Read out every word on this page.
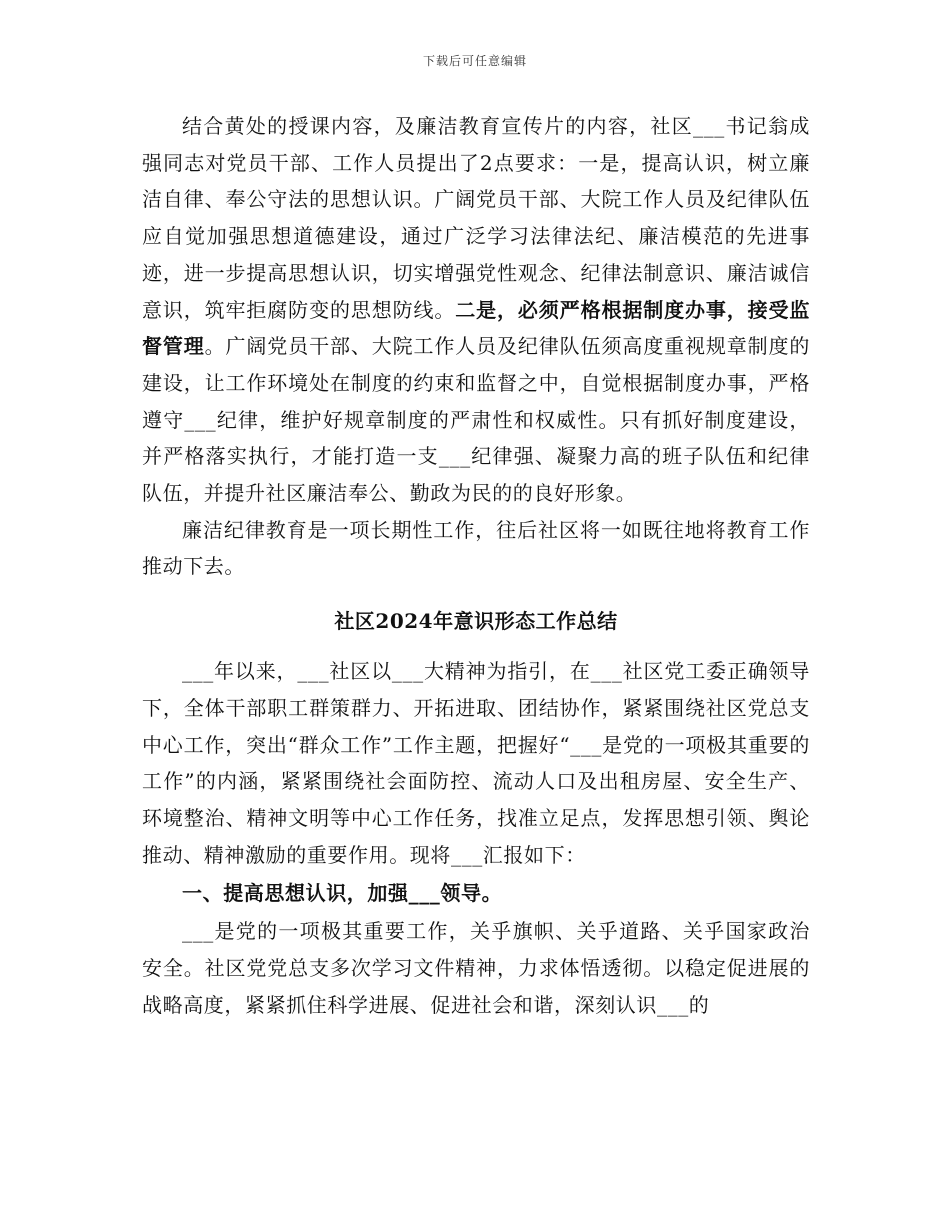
下载后可任意编辑

结合黄处的授课内容，及廉洁教育宣传片的内容，社区___书记翁成强同志对党员干部、工作人员提出了2点要求：一是，提高认识，树立廉洁自律、奉公守法的思想认识。广阔党员干部、大院工作人员及纪律队伍应自觉加强思想道德建设，通过广泛学习法律法纪、廉洁模范的先进事迹，进一步提高思想认识，切实增强党性观念、纪律法制意识、廉洁诚信意识，筑牢拒腐防变的思想防线。二是，必须严格根据制度办事，接受监督管理。广阔党员干部、大院工作人员及纪律队伍须高度重视规章制度的建设，让工作环境处在制度的约束和监督之中，自觉根据制度办事，严格遵守___纪律，维护好规章制度的严肃性和权威性。只有抓好制度建设，并严格落实执行，才能打造一支___纪律强、凝聚力高的班子队伍和纪律队伍，并提升社区廉洁奉公、勤政为民的的良好形象。

廉洁纪律教育是一项长期性工作，往后社区将一如既往地将教育工作推动下去。

社区2024年意识形态工作总结

___年以来，___社区以___大精神为指引，在___社区党工委正确领导下，全体干部职工群策群力、开拓进取、团结协作，紧紧围绕社区党总支中心工作，突出“群众工作”工作主题，把握好“___是党的一项极其重要的工作”的内涵，紧紧围绕社会面防控、流动人口及出租房屋、安全生产、环境整治、精神文明等中心工作任务，找准立足点，发挥思想引领、舆论推动、精神激励的重要作用。现将___汇报如下：

一、提高思想认识，加强___领导。

___是党的一项极其重要工作，关乎旗帜、关乎道路、关乎国家政治安全。社区党党总支多次学习文件精神，力求体悟透彻。以稳定促进展的战略高度，紧紧抓住科学进展、促进社会和谐，深刻认识___的
